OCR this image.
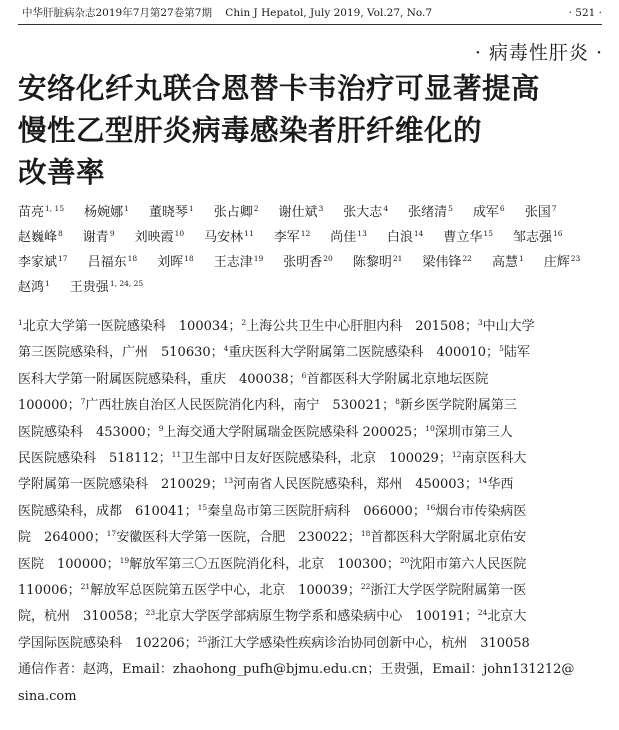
中华肝脏病杂志2019年7月第27卷第7期 Chin J Hepatol, July 2019, Vol.27, No.7	· 521 ·
· 病毒性肝炎 ·
安络化纤丸联合恩替卡韦治疗可显著提高
慢性乙型肝炎病毒感染者肝纤维化的
改善率
苗亮$^{1, 15}$ 杨婉娜$^1$ 董晓琴$^1$ 张占卿$^2$ 谢仕斌$^3$ 张大志$^4$ 张绪清$^5$ 成军$^6$ 张国$^7$
赵巍峰$^8$ 谢青$^9$ 刘映霞$^{10}$ 马安林$^{11}$ 李军$^{12}$ 尚佳$^{13}$ 白浪$^{14}$ 曹立华$^{15}$ 邹志强$^{16}$
李家斌$^{17}$ 吕福东$^{18}$ 刘晖$^{18}$ 王志津$^{19}$ 张明香$^{20}$ 陈黎明$^{21}$ 梁伟锋$^{22}$ 高慧$^1$ 庄辉$^{23}$
赵鸿$^1$ 王贵强$^{1, 24, 25}$
$^1$北京大学第一医院感染科　100034；$^2$上海公共卫生中心肝胆内科　201508；$^3$中山大学
第三医院感染科，广州　510630；$^4$重庆医科大学附属第二医院感染科　400010；$^5$陆军
医科大学第一附属医院感染科，重庆　400038；$^6$首都医科大学附属北京地坛医院
100000；$^7$广西壮族自治区人民医院消化内科，南宁　530021；$^8$新乡医学院附属第三
医院感染科　453000；$^9$上海交通大学附属瑞金医院感染科 200025；$^{10}$深圳市第三人
民医院感染科　518112；$^{11}$卫生部中日友好医院感染科，北京　100029；$^{12}$南京医科大
学附属第一医院感染科　210029；$^{13}$河南省人民医院感染科，郑州　450003；$^{14}$华西
医院感染科，成都　610041；$^{15}$秦皇岛市第三医院肝病科　066000；$^{16}$烟台市传染病医
院　264000；$^{17}$安徽医科大学第一医院，合肥　230022；$^{18}$首都医科大学附属北京佑安
医院　100000；$^{19}$解放军第三〇五医院消化科，北京　100300；$^{20}$沈阳市第六人民医院
110006；$^{21}$解放军总医院第五医学中心，北京　100039；$^{22}$浙江大学医学院附属第一医
院，杭州　310058；$^{23}$北京大学医学部病原生物学系和感染病中心　100191；$^{24}$北京大
学国际医院感染科　102206；$^{25}$浙江大学感染性疾病诊治协同创新中心，杭州　310058
通信作者：赵鸿，Email：zhaohong_pufh@bjmu.edu.cn；王贵强，Email：john131212@
sina.com
